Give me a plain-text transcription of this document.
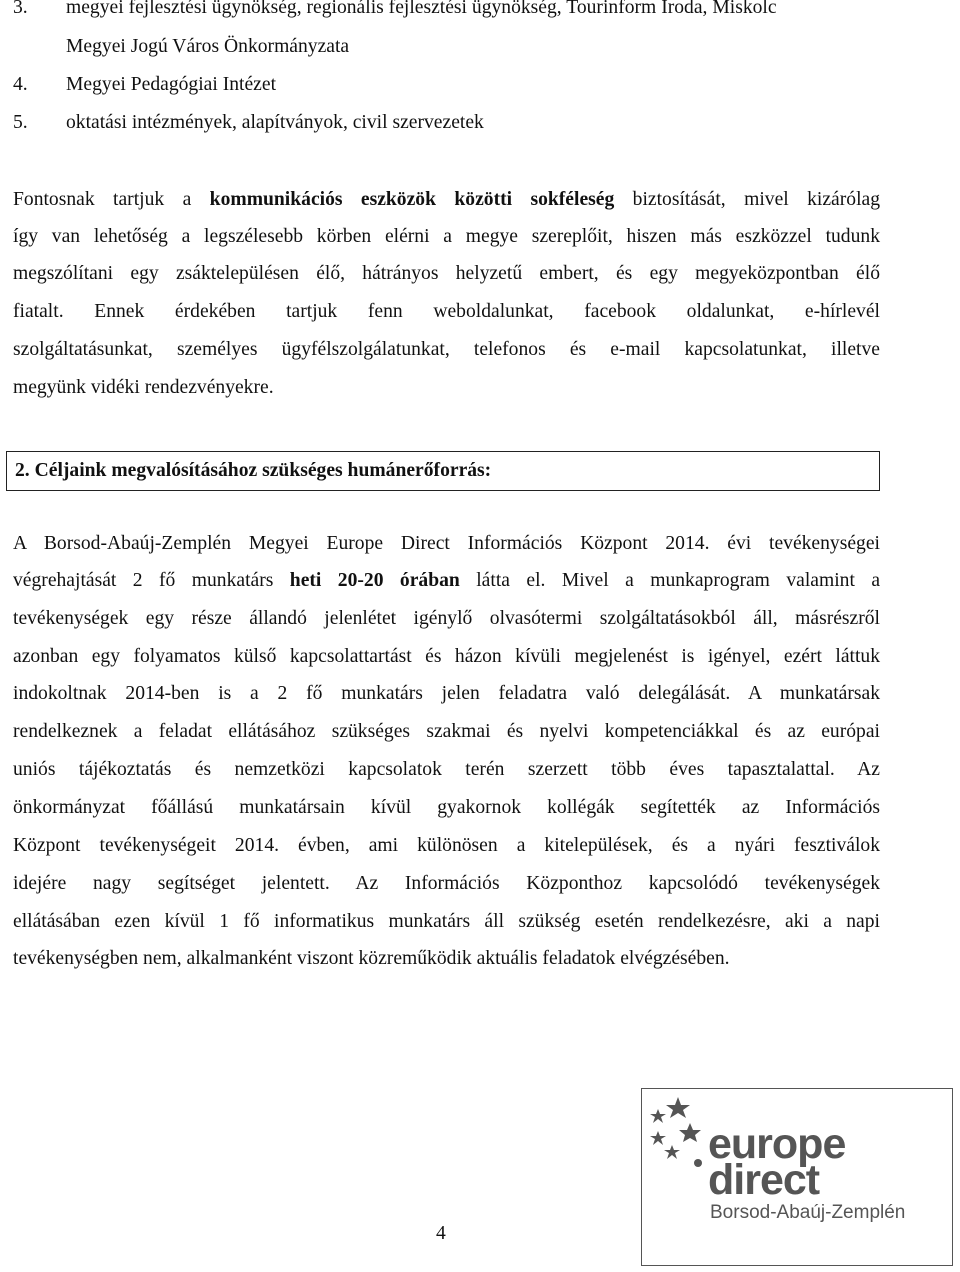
3. megyei fejlesztési ügynökség, regionális fejlesztési ügynökség, Tourinform Iroda, Miskolc
Megyei Jogú Város Önkormányzata
4. Megyei Pedagógiai Intézet
5. oktatási intézmények, alapítványok, civil szervezetek
Fontosnak tartjuk a kommunikációs eszközök közötti sokféleség biztosítását, mivel kizárólag
így van lehetőség a legszélesebb körben elérni a megye szereplőit, hiszen más eszközzel tudunk
megszólítani egy zsáktelepülésen élő, hátrányos helyzetű embert, és egy megyeközpontban élő
fiatalt. Ennek érdekében tartjuk fenn weboldalunkat, facebook oldalunkat, e-hírlevél
szolgáltatásunkat, személyes ügyfélszolgálatunkat, telefonos és e-mail kapcsolatunkat, illetve
megyünk vidéki rendezvényekre.
2. Céljaink megvalósításához szükséges humánerőforrás:
A Borsod-Abaúj-Zemplén Megyei Europe Direct Információs Központ 2014. évi tevékenységei
végrehajtását 2 fő munkatárs heti 20-20 órában látta el. Mivel a munkaprogram valamint a
tevékenységek egy része állandó jelenlétet igénylő olvasótermi szolgáltatásokból áll, másrészről
azonban egy folyamatos külső kapcsolattartást és házon kívüli megjelenést is igényel, ezért láttuk
indokoltnak 2014-ben is a 2 fő munkatárs jelen feladatra való delegálását. A munkatársak
rendelkeznek a feladat ellátásához szükséges szakmai és nyelvi kompetenciákkal és az európai
uniós tájékoztatás és nemzetközi kapcsolatok terén szerzett több éves tapasztalattal. Az
önkormányzat főállású munkatársain kívül gyakornok kollégák segítették az Információs
Központ tevékenységeit 2014. évben, ami különösen a kitelepülések, és a nyári fesztiválok
idejére nagy segítséget jelentett. Az Információs Központhoz kapcsolódó tevékenységek
ellátásában ezen kívül 1 fő informatikus munkatárs áll szükség esetén rendelkezésre, aki a napi
tevékenységben nem, alkalmanként viszont közreműködik aktuális feladatok elvégzésében.
4
europe
direct
Borsod-Abaúj-Zemplén
